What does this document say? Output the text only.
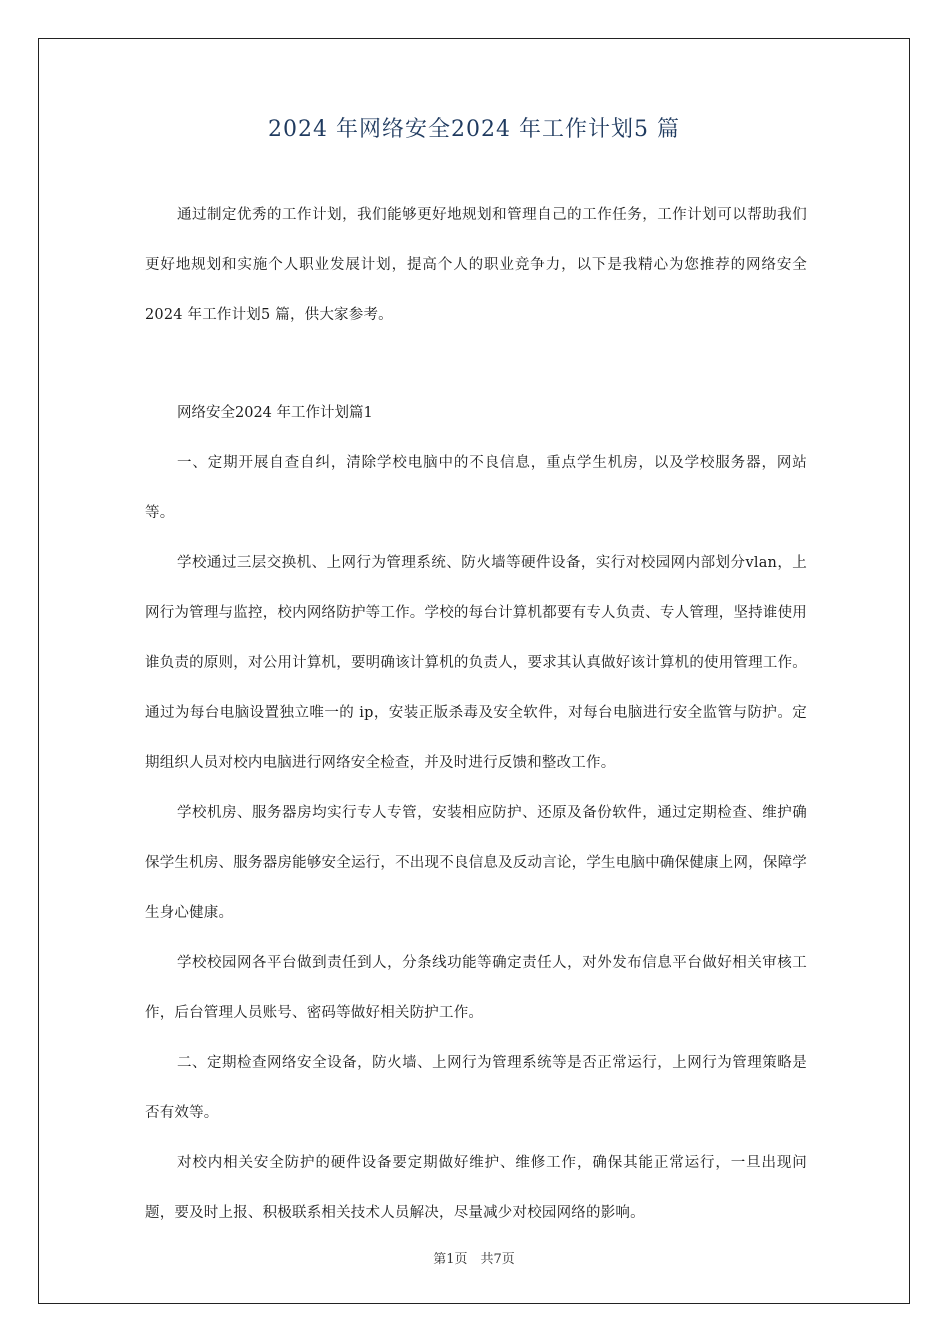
2024 年网络安全2024 年工作计划5 篇

通过制定优秀的工作计划，我们能够更好地规划和管理自己的工作任务，工作计划可以帮助我们更好地规划和实施个人职业发展计划，提高个人的职业竞争力，以下是我精心为您推荐的网络安全2024 年工作计划5 篇，供大家参考。

网络安全2024 年工作计划篇1

一、定期开展自查自纠，清除学校电脑中的不良信息，重点学生机房，以及学校服务器，网站等。

学校通过三层交换机、上网行为管理系统、防火墙等硬件设备，实行对校园网内部划分vlan，上网行为管理与监控，校内网络防护等工作。学校的每台计算机都要有专人负责、专人管理，坚持谁使用谁负责的原则，对公用计算机，要明确该计算机的负责人，要求其认真做好该计算机的使用管理工作。通过为每台电脑设置独立唯一的 ip，安装正版杀毒及安全软件，对每台电脑进行安全监管与防护。定期组织人员对校内电脑进行网络安全检查，并及时进行反馈和整改工作。

学校机房、服务器房均实行专人专管，安装相应防护、还原及备份软件，通过定期检查、维护确保学生机房、服务器房能够安全运行，不出现不良信息及反动言论，学生电脑中确保健康上网，保障学生身心健康。

学校校园网各平台做到责任到人，分条线功能等确定责任人，对外发布信息平台做好相关审核工作，后台管理人员账号、密码等做好相关防护工作。

二、定期检查网络安全设备，防火墙、上网行为管理系统等是否正常运行，上网行为管理策略是否有效等。

对校内相关安全防护的硬件设备要定期做好维护、维修工作，确保其能正常运行，一旦出现问题，要及时上报、积极联系相关技术人员解决，尽量减少对校园网络的影响。

第1页　共7页
